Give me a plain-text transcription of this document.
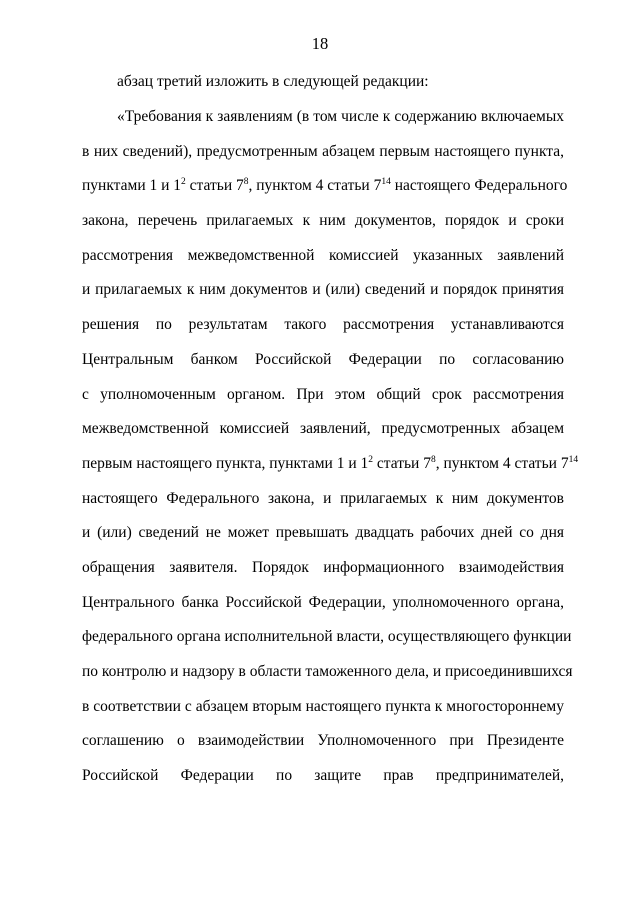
18
абзац третий изложить в следующей редакции:
«Требования к заявлениям (в том числе к содержанию включаемых
в них сведений), предусмотренным абзацем первым настоящего пункта,
пунктами 1 и $1^2$ статьи $7^8$, пунктом 4 статьи $7^{14}$ настоящего Федерального
закона, перечень прилагаемых к ним документов, порядок и сроки
рассмотрения межведомственной комиссией указанных заявлений
и прилагаемых к ним документов и (или) сведений и порядок принятия
решения по результатам такого рассмотрения устанавливаются
Центральным банком Российской Федерации по согласованию
с уполномоченным органом. При этом общий срок рассмотрения
межведомственной комиссией заявлений, предусмотренных абзацем
первым настоящего пункта, пунктами 1 и $1^2$ статьи $7^8$, пунктом 4 статьи $7^{14}$
настоящего Федерального закона, и прилагаемых к ним документов
и (или) сведений не может превышать двадцать рабочих дней со дня
обращения заявителя. Порядок информационного взаимодействия
Центрального банка Российской Федерации, уполномоченного органа,
федерального органа исполнительной власти, осуществляющего функции
по контролю и надзору в области таможенного дела, и присоединившихся
в соответствии с абзацем вторым настоящего пункта к многостороннему
соглашению о взаимодействии Уполномоченного при Президенте
Российской Федерации по защите прав предпринимателей,
